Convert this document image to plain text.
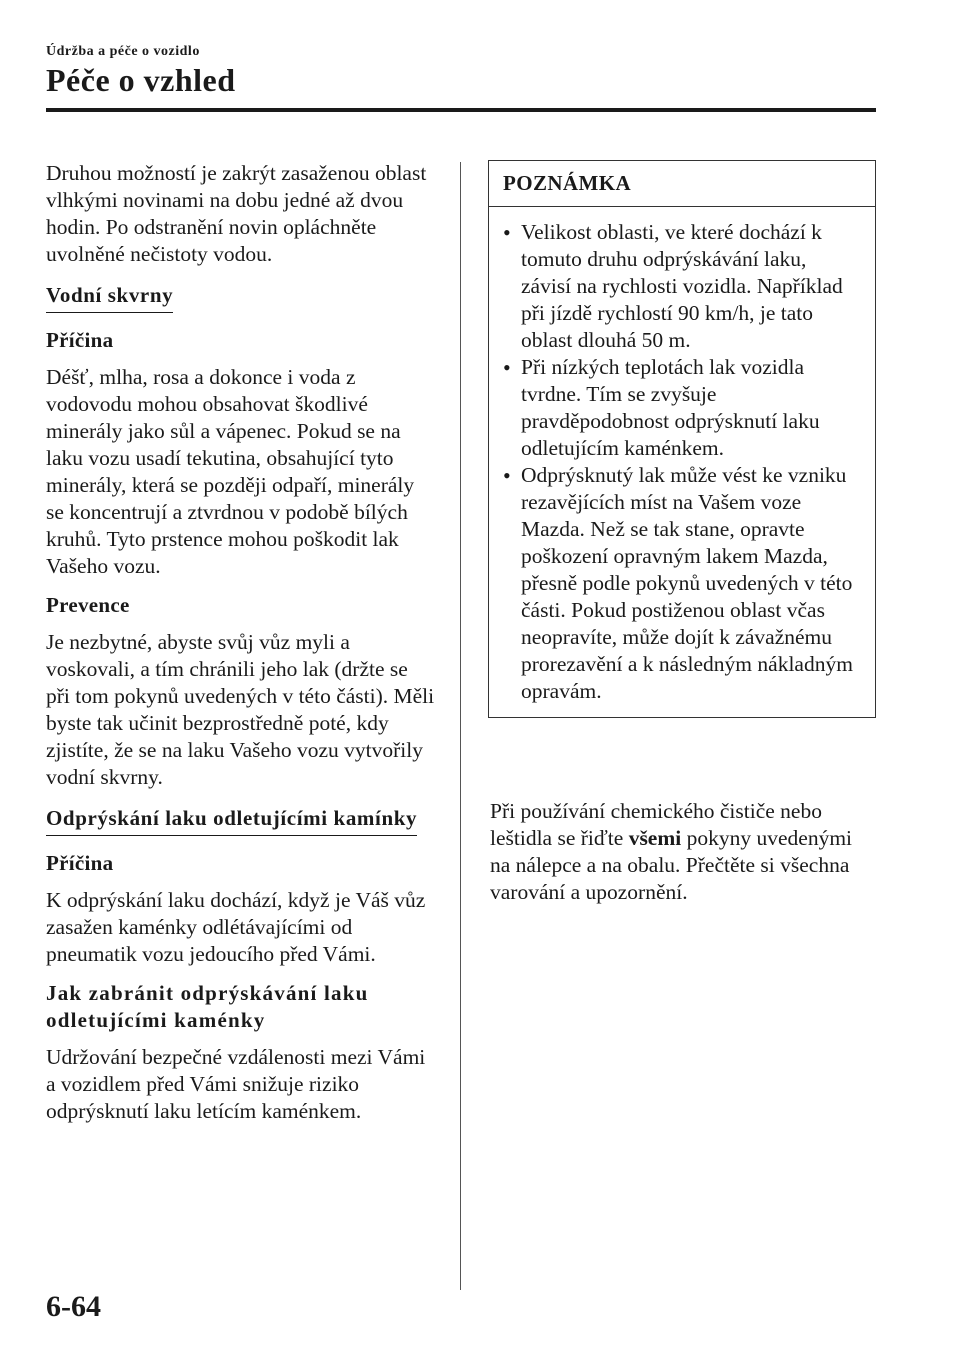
Údržba a péče o vozidlo
Péče o vzhled

Druhou možností je zakrýt zasaženou oblast vlhkými novinami na dobu jedné až dvou hodin. Po odstranění novin opláchněte uvolněné nečistoty vodou.

Vodní skvrny
Příčina

Déšť, mlha, rosa a dokonce i voda z vodovodu mohou obsahovat škodlivé minerály jako sůl a vápenec. Pokud se na laku vozu usadí tekutina, obsahující tyto minerály, která se později odpaří, minerály se koncentrují a ztvrdnou v podobě bílých kruhů. Tyto prstence mohou poškodit lak Vašeho vozu.

Prevence

Je nezbytné, abyste svůj vůz myli a voskovali, a tím chránili jeho lak (držte se při tom pokynů uvedených v této části). Měli byste tak učinit bezprostředně poté, kdy zjistíte, že se na laku Vašeho vozu vytvořily vodní skvrny.

Odprýskání laku odletujícími kamínky
Příčina

K odprýskání laku dochází, když je Váš vůz zasažen kaménky odlétávajícími od pneumatik vozu jedoucího před Vámi.

Jak zabránit odprýskávání laku odletujícími kaménky

Udržování bezpečné vzdálenosti mezi Vámi a vozidlem před Vámi snižuje riziko odprýsknutí laku letícím kaménkem.

POZNÁMKA
• Velikost oblasti, ve které dochází k tomuto druhu odprýskávání laku, závisí na rychlosti vozidla. Například při jízdě rychlostí 90 km/h, je tato oblast dlouhá 50 m.
• Při nízkých teplotách lak vozidla tvrdne. Tím se zvyšuje pravděpodobnost odprýsknutí laku odletujícím kaménkem.
• Odprýsknutý lak může vést ke vzniku rezavějících míst na Vašem voze Mazda. Než se tak stane, opravte poškození opravným lakem Mazda, přesně podle pokynů uvedených v této části. Pokud postiženou oblast včas neopravíte, může dojít k závažnému prorezavění a k následným nákladným opravám.

Při používání chemického čističe nebo leštidla se řiďte všemi pokyny uvedenými na nálepce a na obalu. Přečtěte si všechna varování a upozornění.

6-64
